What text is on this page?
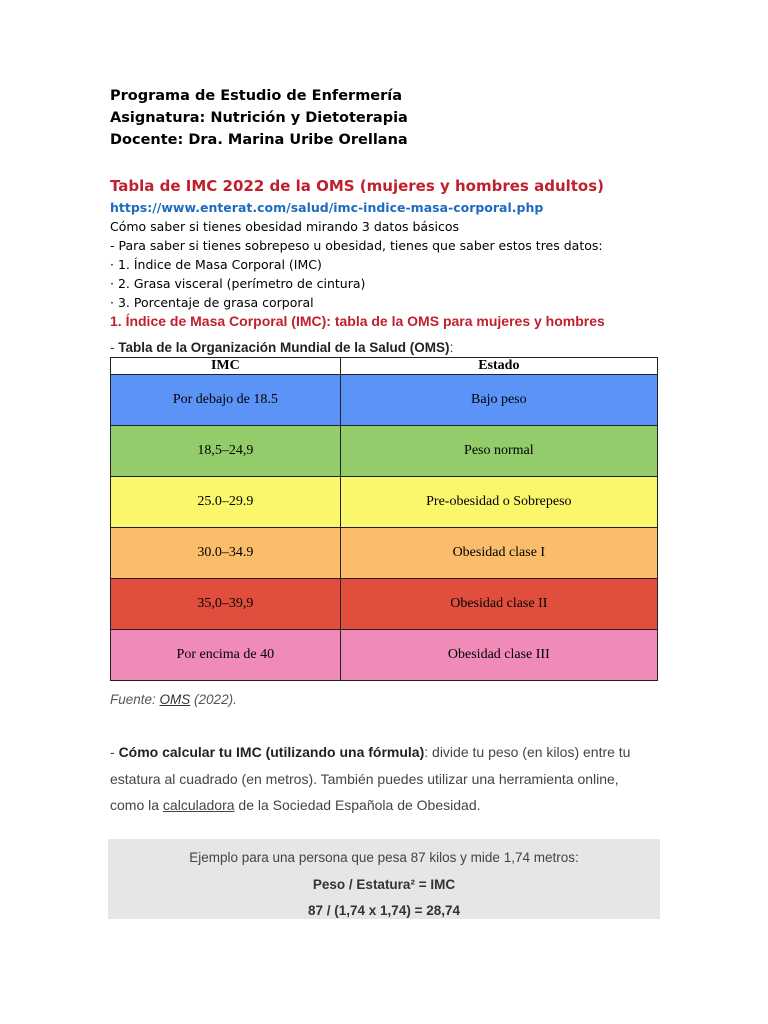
Programa de Estudio de Enfermería
Asignatura: Nutrición y Dietoterapia
Docente: Dra. Marina Uribe Orellana
Tabla de IMC 2022 de la OMS (mujeres y hombres adultos)
https://www.enterat.com/salud/imc-indice-masa-corporal.php
Cómo saber si tienes obesidad mirando 3 datos básicos
- Para saber si tienes sobrepeso u obesidad, tienes que saber estos tres datos:
· 1. Índice de Masa Corporal (IMC)
· 2. Grasa visceral (perímetro de cintura)
· 3. Porcentaje de grasa corporal
1. Índice de Masa Corporal (IMC): tabla de la OMS para mujeres y hombres
- Tabla de la Organización Mundial de la Salud (OMS):
IMC	Estado
Por debajo de 18.5	Bajo peso
18,5–24,9	Peso normal
25.0–29.9	Pre-obesidad o Sobrepeso
30.0–34.9	Obesidad clase I
35,0–39,9	Obesidad clase II
Por encima de 40	Obesidad clase III
Fuente: OMS (2022).
- Cómo calcular tu IMC (utilizando una fórmula): divide tu peso (en kilos) entre tu
estatura al cuadrado (en metros). También puedes utilizar una herramienta online,
como la calculadora de la Sociedad Española de Obesidad.
Ejemplo para una persona que pesa 87 kilos y mide 1,74 metros:
Peso / Estatura² = IMC
87 / (1,74 x 1,74) = 28,74
